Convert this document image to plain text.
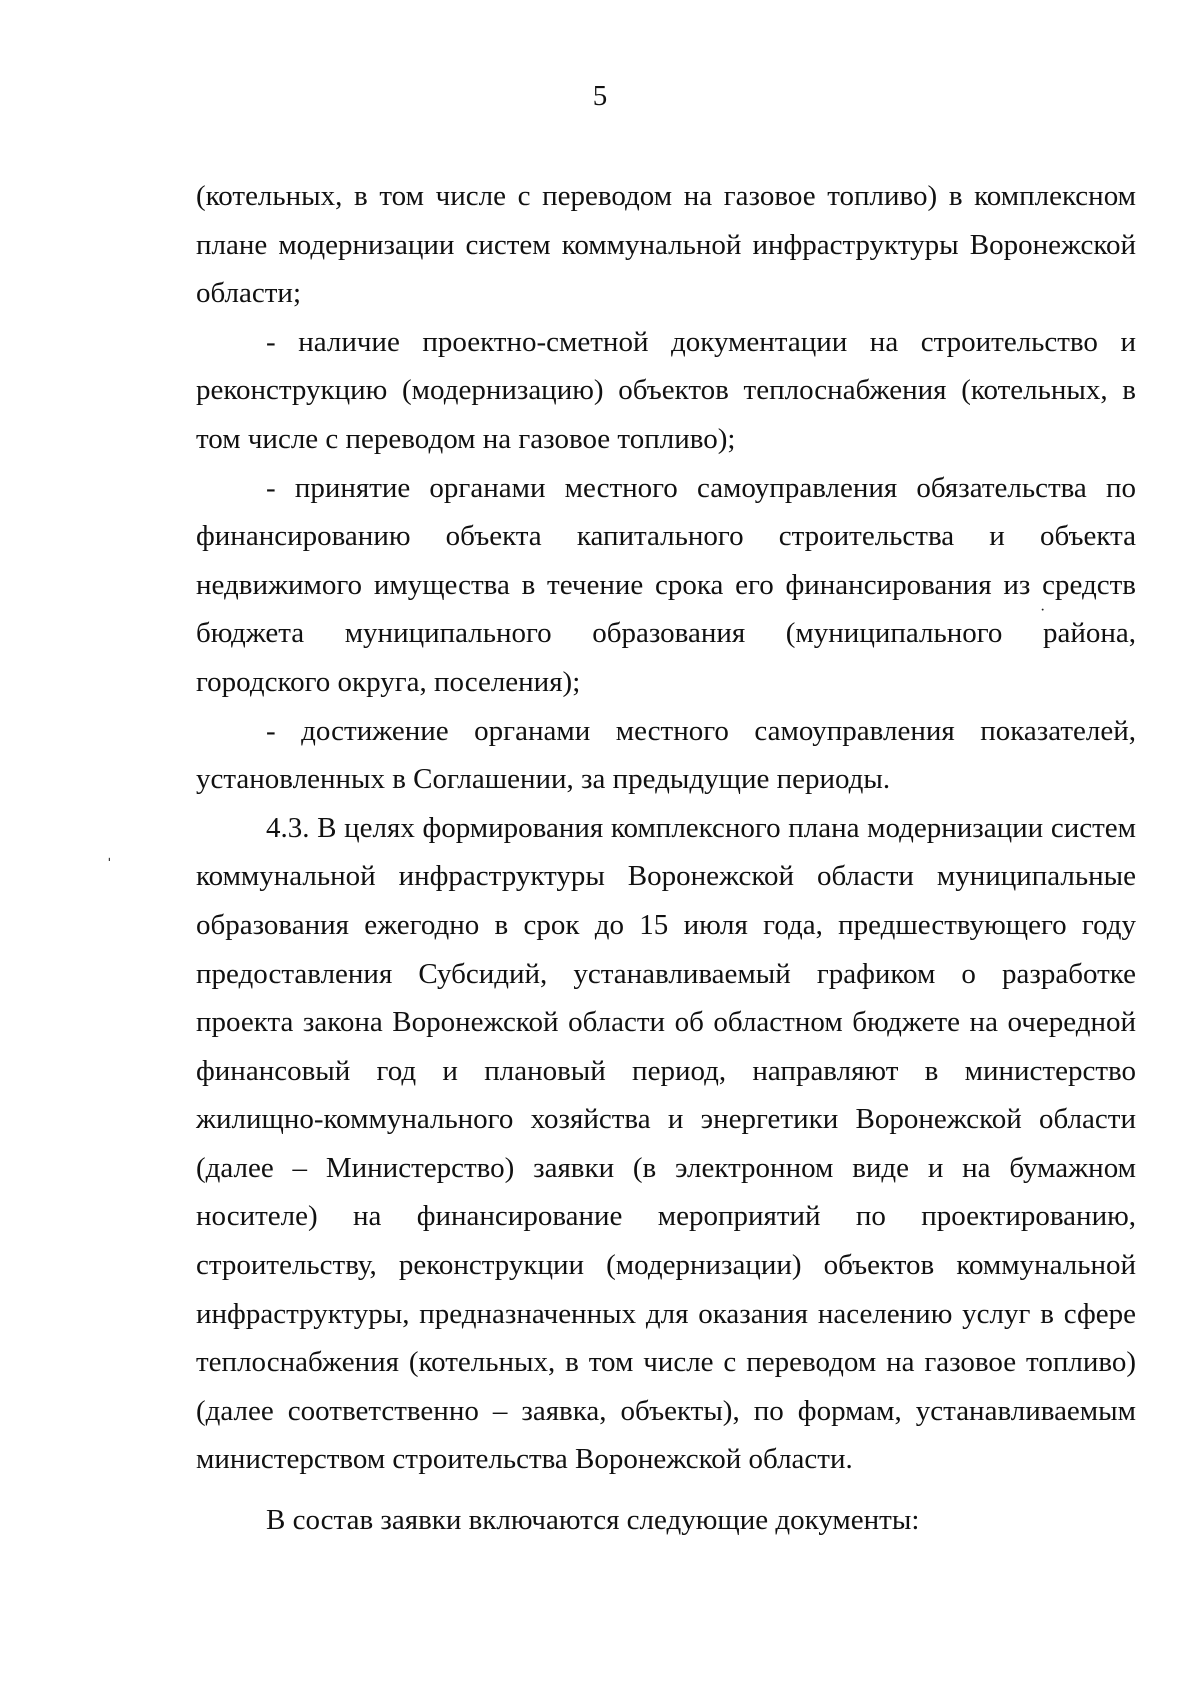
5

(котельных, в том числе с переводом на газовое топливо) в комплексном плане модернизации систем коммунальной инфраструктуры Воронежской области;

- наличие проектно-сметной документации на строительство и реконструкцию (модернизацию) объектов теплоснабжения (котельных, в том числе с переводом на газовое топливо);

- принятие органами местного самоуправления обязательства по финансированию объекта капитального строительства и объекта недвижимого имущества в течение срока его финансирования из средств бюджета муниципального образования (муниципального района, городского округа, поселения);

- достижение органами местного самоуправления показателей, установленных в Соглашении, за предыдущие периоды.

4.3. В целях формирования комплексного плана модернизации систем коммунальной инфраструктуры Воронежской области муниципальные образования ежегодно в срок до 15 июля года, предшествующего году предоставления Субсидий, устанавливаемый графиком о разработке проекта закона Воронежской области об областном бюджете на очередной финансовый год и плановый период, направляют в министерство жилищно-коммунального хозяйства и энергетики Воронежской области (далее – Министерство) заявки (в электронном виде и на бумажном носителе) на финансирование мероприятий по проектированию, строительству, реконструкции (модернизации) объектов коммунальной инфраструктуры, предназначенных для оказания населению услуг в сфере теплоснабжения (котельных, в том числе с переводом на газовое топливо) (далее соответственно – заявка, объекты), по формам, устанавливаемым министерством строительства Воронежской области.

В состав заявки включаются следующие документы:

·
ˈ
